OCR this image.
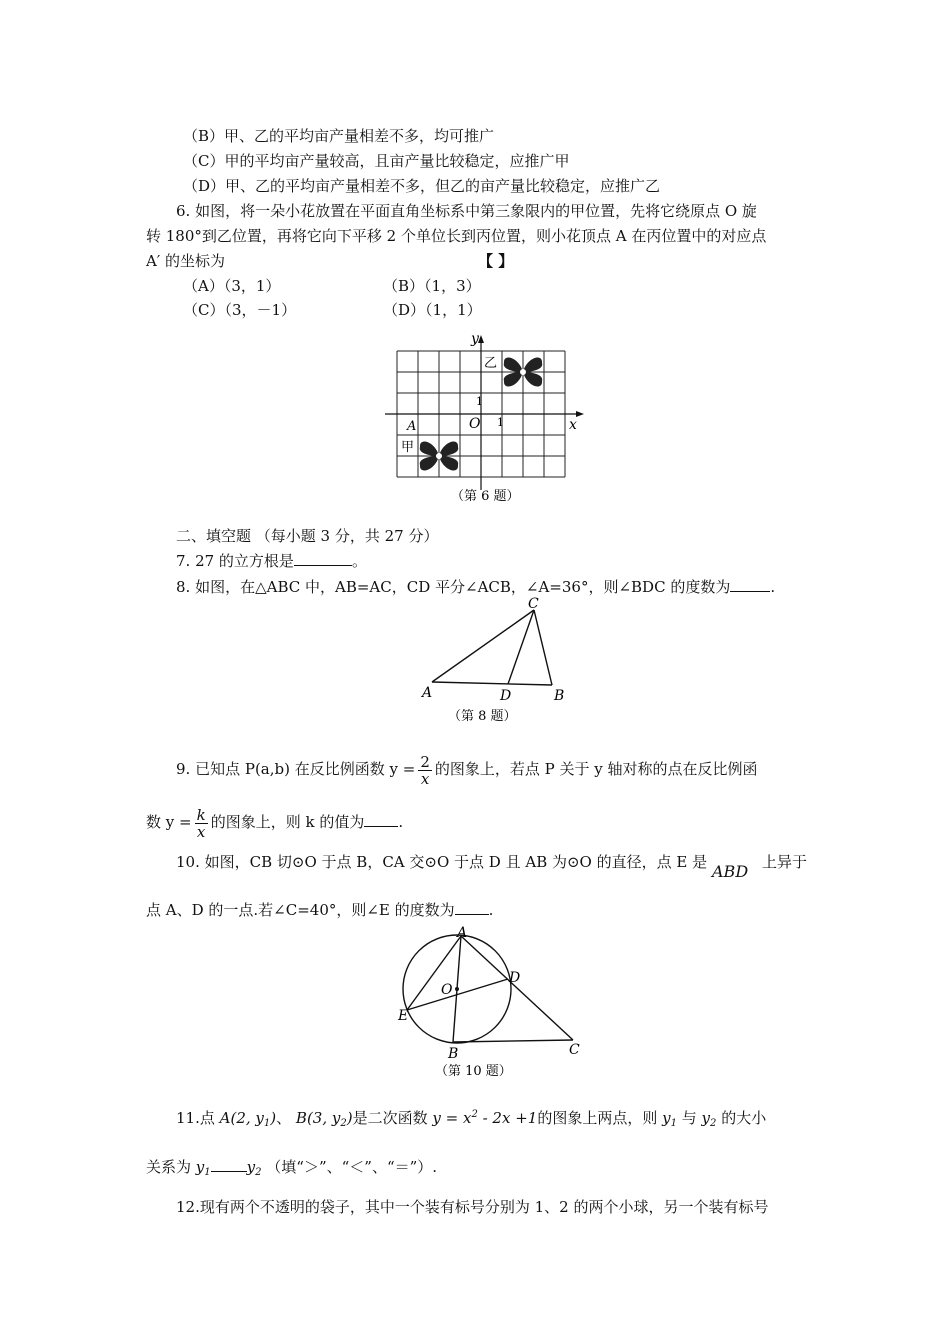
（B）甲、乙的平均亩产量相差不多，均可推广
（C）甲的平均亩产量较高，且亩产量比较稳定，应推广甲
（D）甲、乙的平均亩产量相差不多，但乙的亩产量比较稳定，应推广乙
6. 如图，将一朵小花放置在平面直角坐标系中第三象限内的甲位置，先将它绕原点 O 旋
转 180°到乙位置，再将它向下平移 2 个单位长到丙位置，则小花顶点 A 在丙位置中的对应点
A′ 的坐标为	【 】
（A）（3，1）	（B）（1，3）
（C）（3，－1）	（D）（1，1）
y
x
O 1
1
A
甲
乙
（第 6 题）
二、填空题 （每小题 3 分，共 27 分）
7. 27 的立方根是	。
8. 如图，在△ABC 中，AB=AC，CD 平分∠ACB，∠A=36°，则∠BDC 的度数为	.
A	B
C
D
（第 8 题）
9. 已知点 P(a,b) 在反比例函数 $y = \frac{2}{x}$ 的图象上，若点 P 关于 y 轴对称的点在反比例函
数 $y = \frac{k}{x}$ 的图象上，则 k 的值为 .
10. 如图，CB 切⊙O 于点 B，CA 交⊙O 于点 D 且 AB 为⊙O 的直径，点 E 是 ABD 上异于
点 A、D 的一点.若∠C=40°，则∠E 的度数为 .
A
B	C
D
E
O
（第 10 题）
11.点 A(2, $y_1$)、 B(3, $y_2$)是二次函数 $y = x^2 - 2x +1$的图象上两点，则 $y_1$ 与 $y_2$ 的大小
关系为 $y_1$ $y_2$ （填“＞”、“＜”、“＝”）.
12.现有两个不透明的袋子，其中一个装有标号分别为 1、2 的两个小球，另一个装有标号
